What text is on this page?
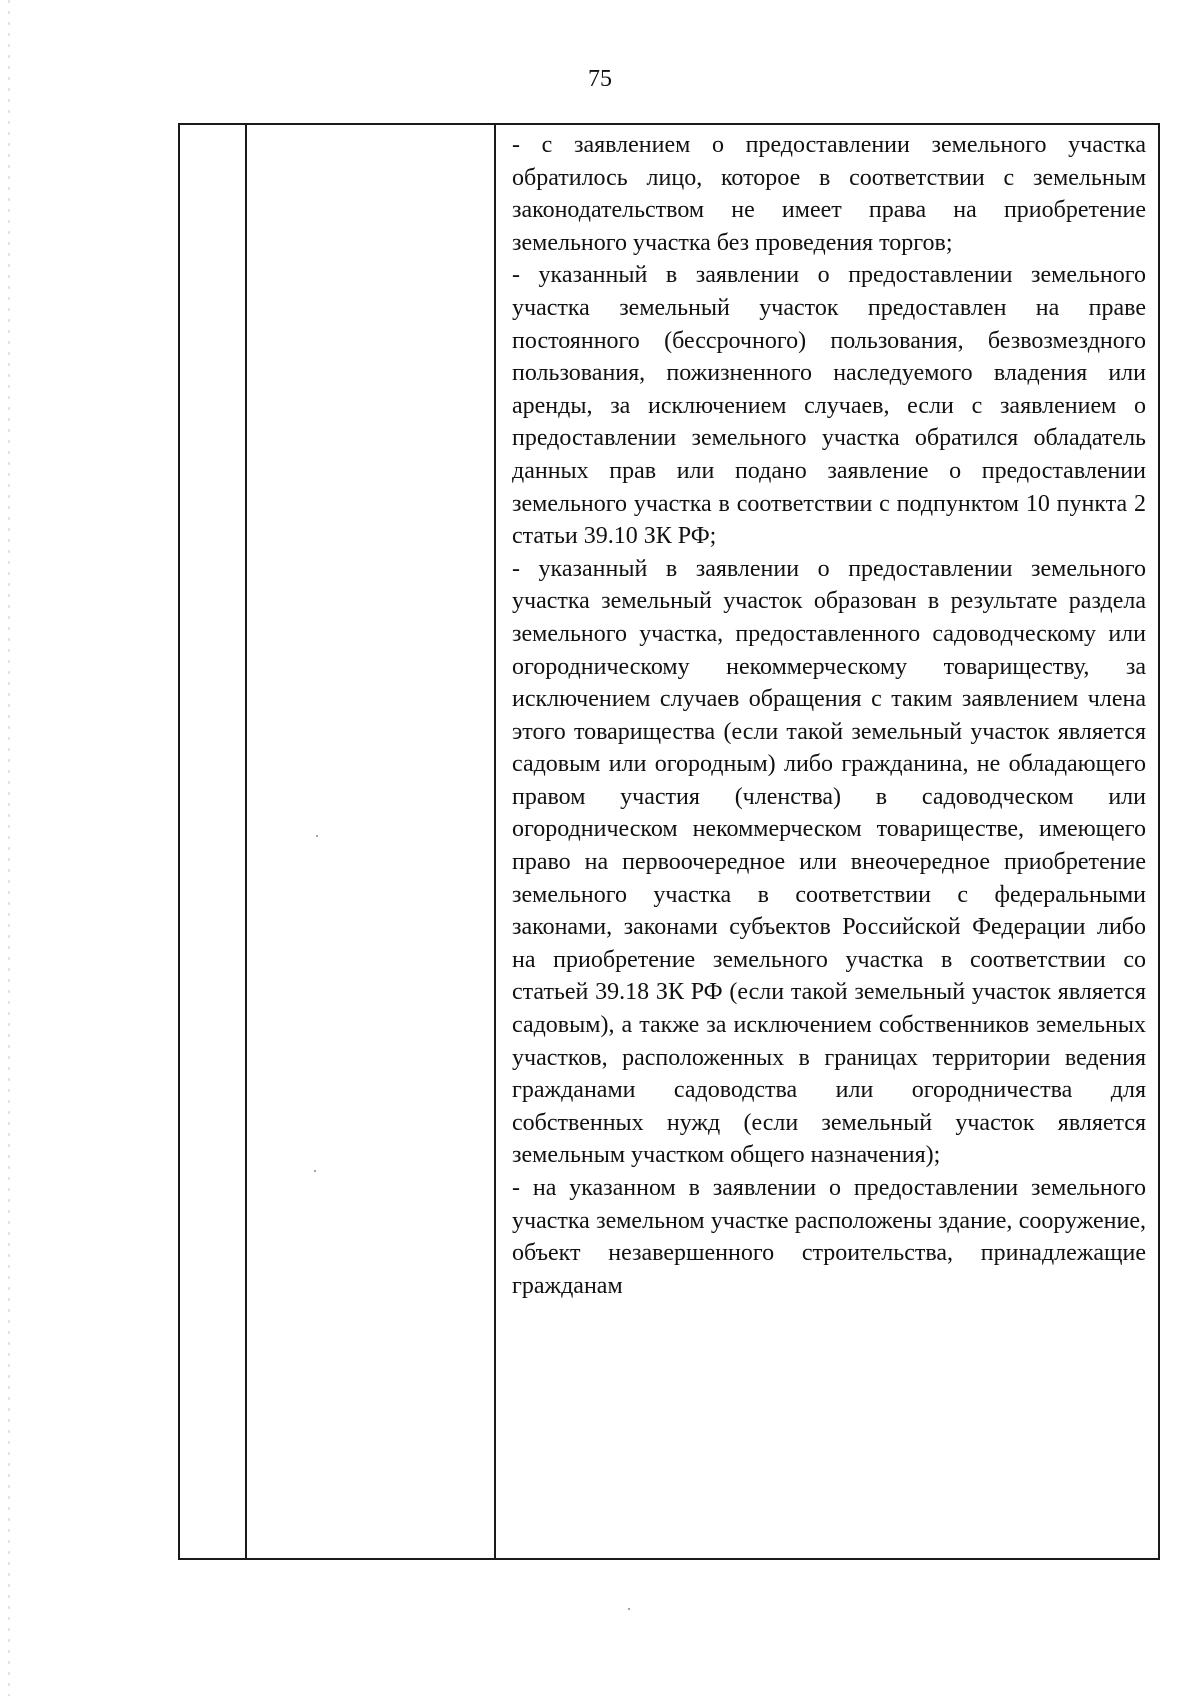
75

- с заявлением о предоставлении земельного участка обратилось лицо, которое в соответствии с земельным законодательством не имеет права на приобретение земельного участка без проведения торгов;

- указанный в заявлении о предоставлении земельного участка земельный участок предоставлен на праве постоянного (бессрочного) пользования, безвозмездного пользования, пожизненного наследуемого владения или аренды, за исключением случаев, если с заявлением о предоставлении земельного участка обратился обладатель данных прав или подано заявление о предоставлении земельного участка в соответствии с подпунктом 10 пункта 2 статьи 39.10 ЗК РФ;

- указанный в заявлении о предоставлении земельного участка земельный участок образован в результате раздела земельного участка, предоставленного садоводческому или огородническому некоммерческому товариществу, за исключением случаев обращения с таким заявлением члена этого товарищества (если такой земельный участок является садовым или огородным) либо гражданина, не обладающего правом участия (членства) в садоводческом или огородническом некоммерческом товариществе, имеющего право на первоочередное или внеочередное приобретение земельного участка в соответствии с федеральными законами, законами субъектов Российской Федерации либо на приобретение земельного участка в соответствии со статьей 39.18 ЗК РФ (если такой земельный участок является садовым), а также за исключением собственников земельных участков, расположенных в границах территории ведения гражданами садоводства или огородничества для собственных нужд (если земельный участок является земельным участком общего назначения);

- на указанном в заявлении о предоставлении земельного участка земельном участке расположены здание, сооружение, объект незавершенного строительства, принадлежащие гражданам
